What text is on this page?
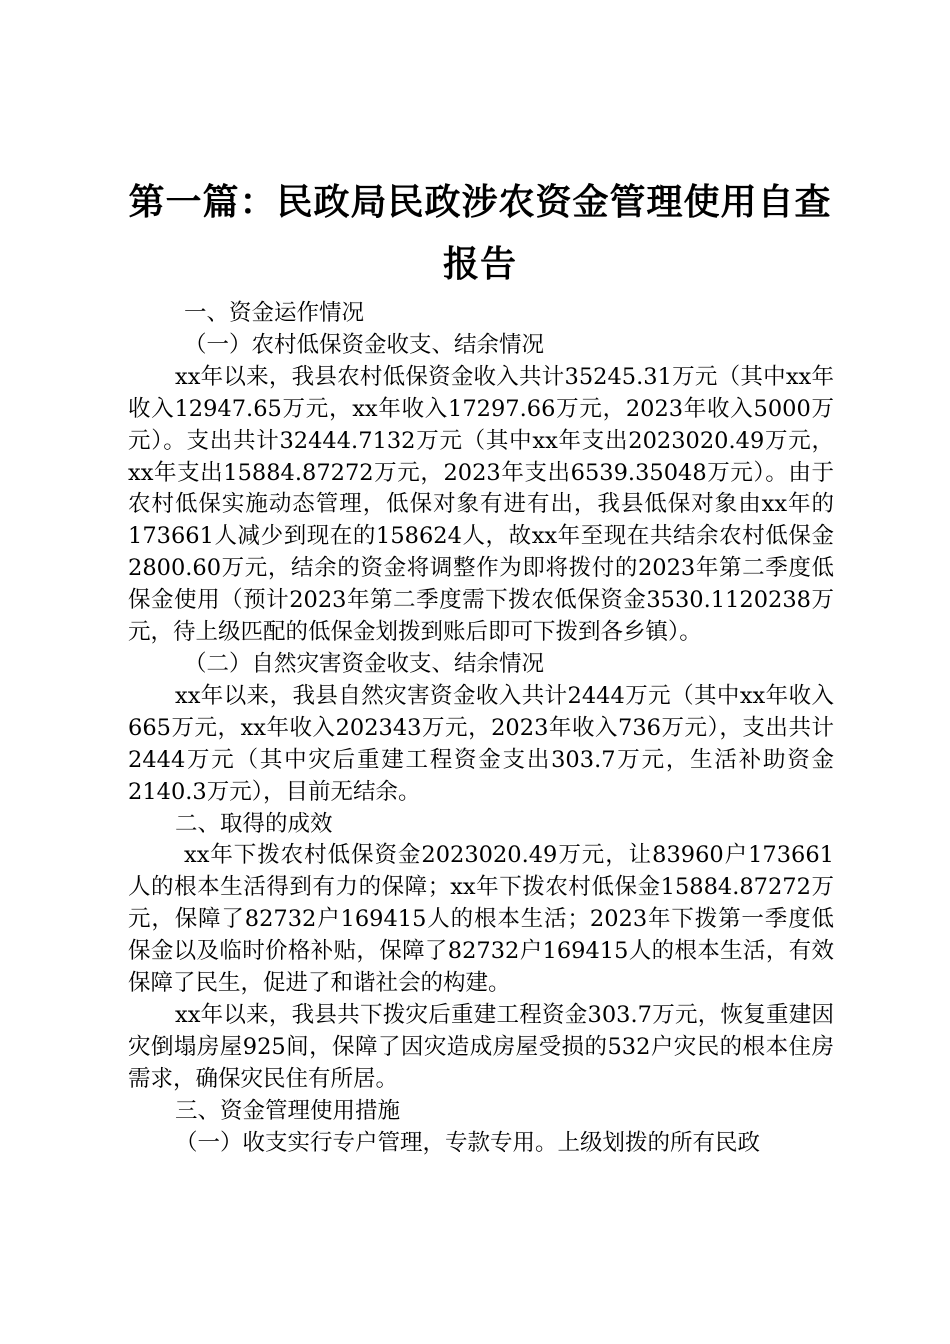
第一篇：民政局民政涉农资金管理使用自查报告

一、资金运作情况

（一）农村低保资金收支、结余情况

xx年以来，我县农村低保资金收入共计35245.31万元（其中xx年收入12947.65万元，xx年收入17297.66万元，2023年收入5000万元）。支出共计32444.7132万元（其中xx年支出2023020.49万元，xx年支出15884.87272万元，2023年支出6539.35048万元）。由于农村低保实施动态管理，低保对象有进有出，我县低保对象由xx年的173661人减少到现在的158624人，故xx年至现在共结余农村低保金2800.60万元，结余的资金将调整作为即将拨付的2023年第二季度低保金使用（预计2023年第二季度需下拨农低保资金3530.1120238万元，待上级匹配的低保金划拨到账后即可下拨到各乡镇）。

（二）自然灾害资金收支、结余情况

xx年以来，我县自然灾害资金收入共计2444万元（其中xx年收入665万元，xx年收入202343万元，2023年收入736万元），支出共计2444万元（其中灾后重建工程资金支出303.7万元，生活补助资金2140.3万元），目前无结余。

二、取得的成效

xx年下拨农村低保资金2023020.49万元，让83960户173661人的根本生活得到有力的保障；xx年下拨农村低保金15884.87272万元，保障了82732户169415人的根本生活；2023年下拨第一季度低保金以及临时价格补贴，保障了82732户169415人的根本生活，有效保障了民生，促进了和谐社会的构建。

xx年以来，我县共下拨灾后重建工程资金303.7万元，恢复重建因灾倒塌房屋925间，保障了因灾造成房屋受损的532户灾民的根本住房需求，确保灾民住有所居。

三、资金管理使用措施

（一）收支实行专户管理，专款专用。上级划拨的所有民政
